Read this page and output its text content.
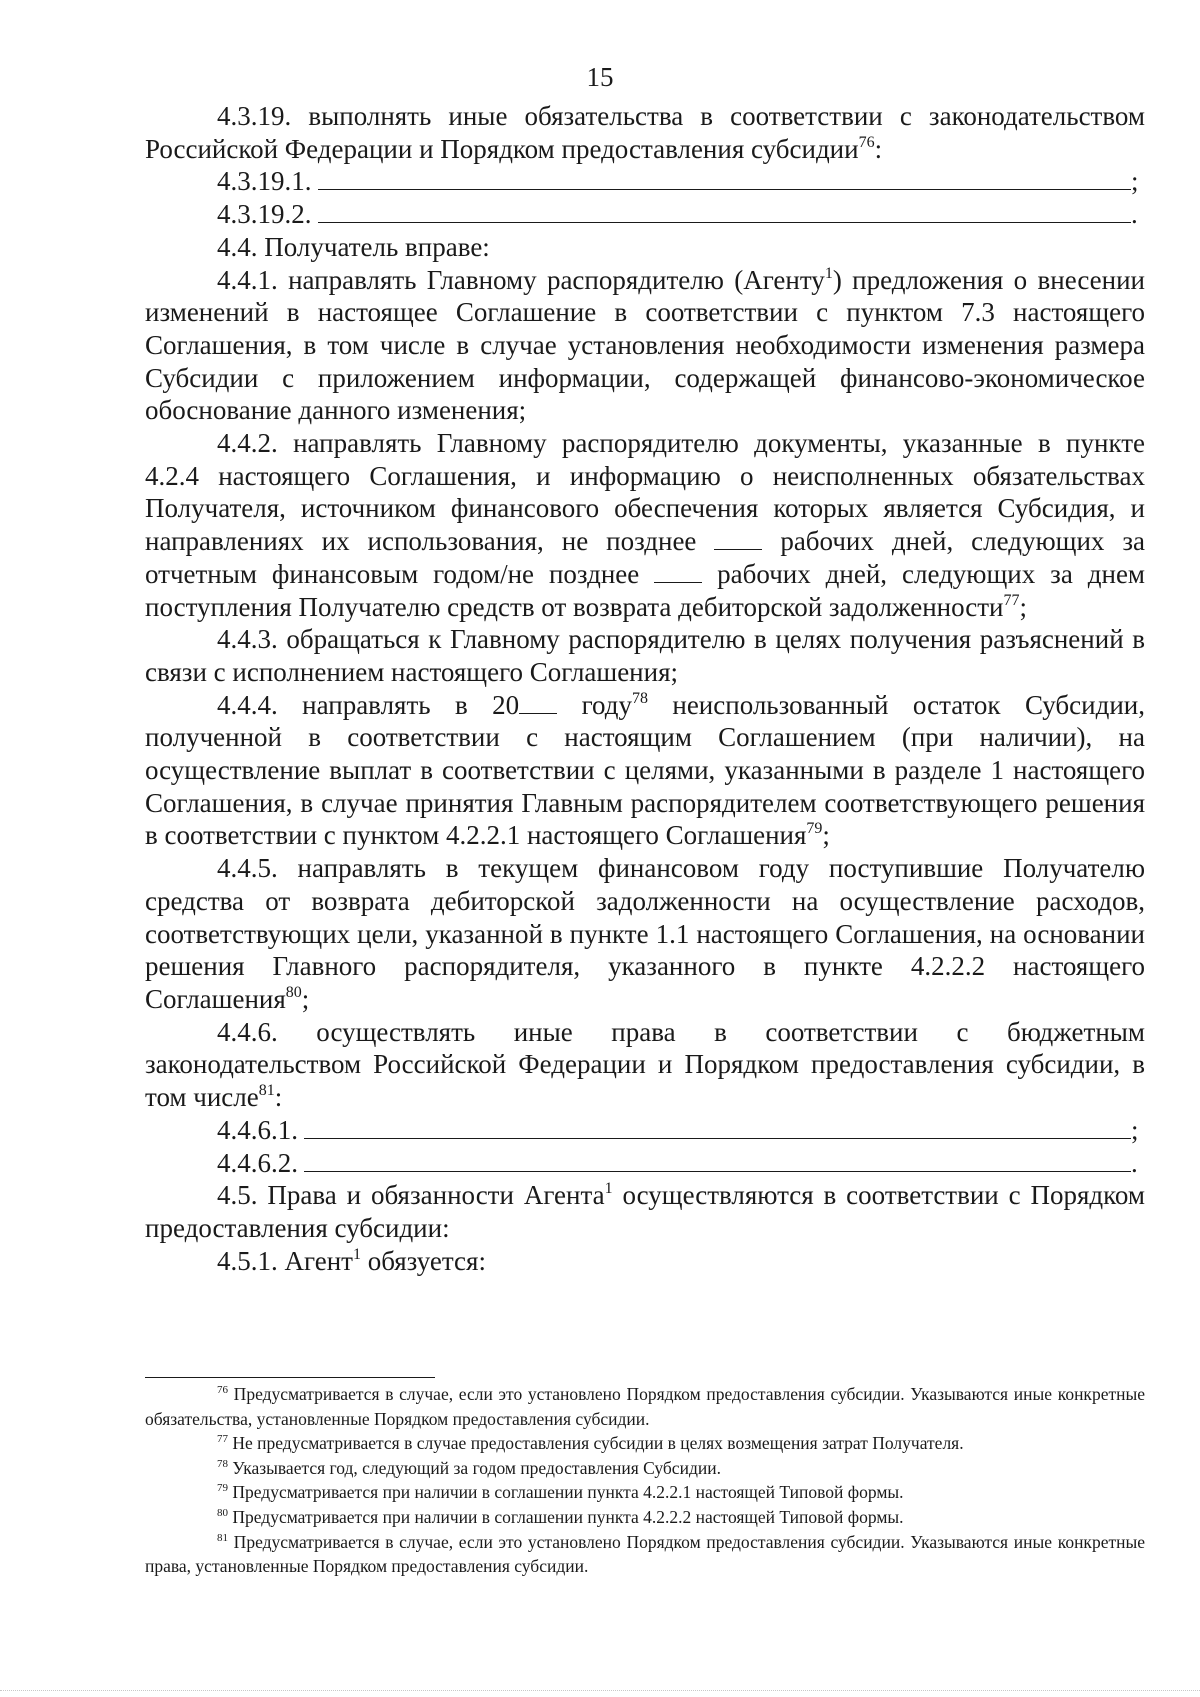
15

4.3.19. выполнять иные обязательства в соответствии с законодательством Российской Федерации и Порядком предоставления субсидии$^{76}$:

4.3.19.1.	;

4.3.19.2.	.

4.4. Получатель вправе:

4.4.1. направлять Главному распорядителю (Агенту$^1$) предложения о внесении изменений в настоящее Соглашение в соответствии с пунктом 7.3 настоящего Соглашения, в том числе в случае установления необходимости изменения размера Субсидии с приложением информации, содержащей финансово-экономическое обоснование данного изменения;

4.4.2. направлять Главному распорядителю документы, указанные в пункте 4.2.4 настоящего Соглашения, и информацию о неисполненных обязательствах Получателя, источником финансового обеспечения которых является Субсидия, и направлениях их использования, не позднее	рабочих дней, следующих за отчетным финансовым годом/не позднее	рабочих дней, следующих за днем поступления Получателю средств от возврата дебиторской задолженности$^{77}$;

4.4.3. обращаться к Главному распорядителю в целях получения разъяснений в связи с исполнением настоящего Соглашения;

4.4.4. направлять в 20 году$^{78}$ неиспользованный остаток Субсидии, полученной в соответствии с настоящим Соглашением (при наличии), на осуществление выплат в соответствии с целями, указанными в разделе 1 настоящего Соглашения, в случае принятия Главным распорядителем соответствующего решения в соответствии с пунктом 4.2.2.1 настоящего Соглашения$^{79}$;

4.4.5. направлять в текущем финансовом году поступившие Получателю средства от возврата дебиторской задолженности на осуществление расходов, соответствующих цели, указанной в пункте 1.1 настоящего Соглашения, на основании решения Главного распорядителя, указанного в пункте 4.2.2.2 настоящего Соглашения$^{80}$;

4.4.6. осуществлять иные права в соответствии с бюджетным законодательством Российской Федерации и Порядком предоставления субсидии, в том числе$^{81}$:

4.4.6.1.	;

4.4.6.2.	.

4.5. Права и обязанности Агента$^1$ осуществляются в соответствии с Порядком предоставления субсидии:

4.5.1. Агент$^1$ обязуется:

$^{76}$ Предусматривается в случае, если это установлено Порядком предоставления субсидии. Указываются иные конкретные обязательства, установленные Порядком предоставления субсидии.

$^{77}$ Не предусматривается в случае предоставления субсидии в целях возмещения затрат Получателя.

$^{78}$ Указывается год, следующий за годом предоставления Субсидии.

$^{79}$ Предусматривается при наличии в соглашении пункта 4.2.2.1 настоящей Типовой формы.

$^{80}$ Предусматривается при наличии в соглашении пункта 4.2.2.2 настоящей Типовой формы.

$^{81}$ Предусматривается в случае, если это установлено Порядком предоставления субсидии. Указываются иные конкретные права, установленные Порядком предоставления субсидии.
